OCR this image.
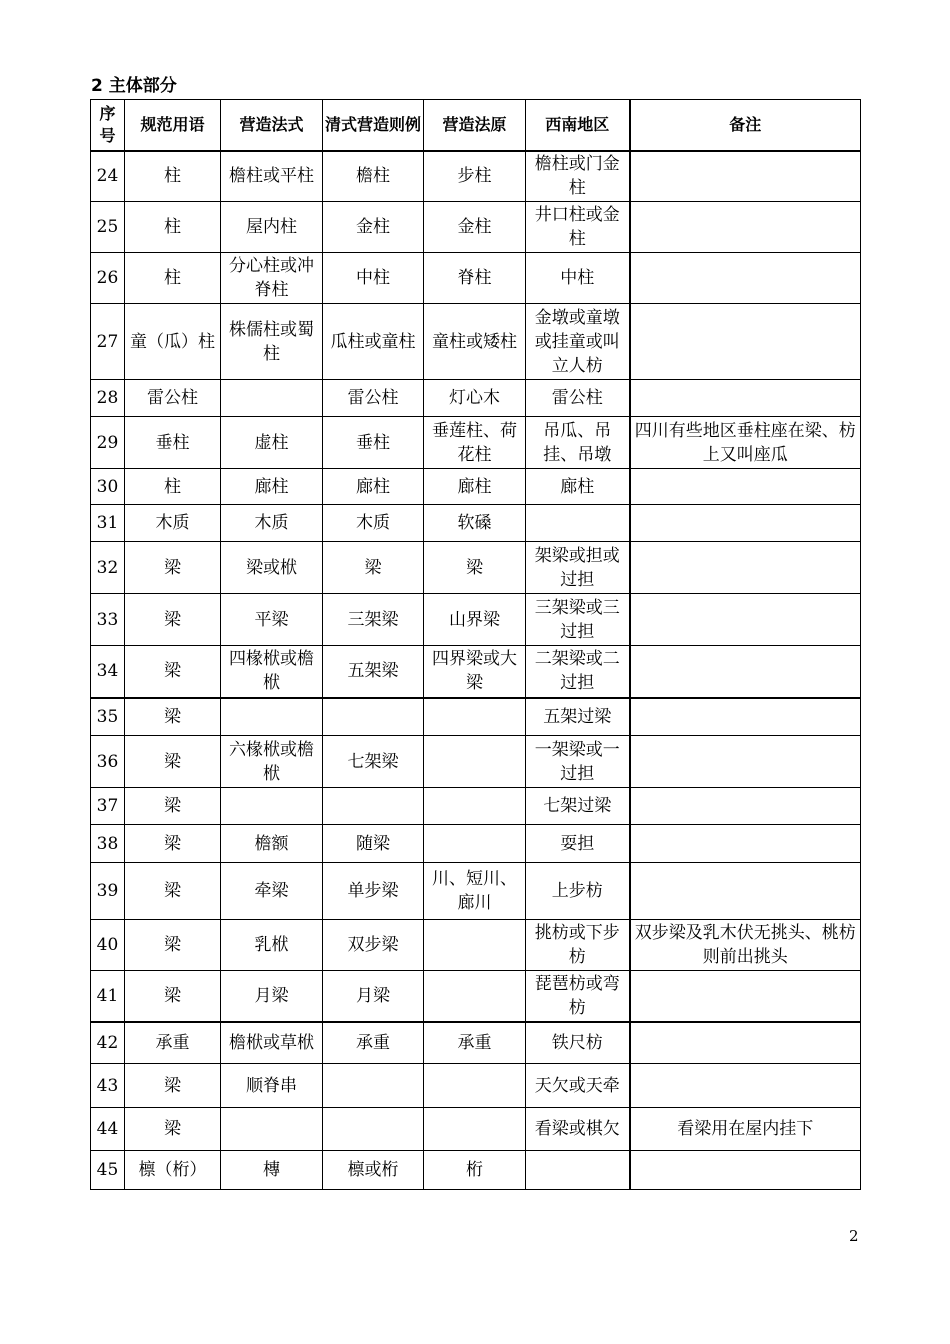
2 主体部分
序号	规范用语	营造法式	清式营造则例	营造法原	西南地区	备注
24	柱	檐柱或平柱	檐柱	步柱	檐柱或门金柱	
25	柱	屋内柱	金柱	金柱	井口柱或金柱	
26	柱	分心柱或冲脊柱	中柱	脊柱	中柱	
27	童（瓜）柱	株儒柱或蜀柱	瓜柱或童柱	童柱或矮柱	金墩或童墩或挂童或叫立人枋	
28	雷公柱		雷公柱	灯心木	雷公柱	
29	垂柱	虚柱	垂柱	垂莲柱、荷花柱	吊瓜、吊挂、吊墩	四川有些地区垂柱座在梁、枋上又叫座瓜
30	柱	廊柱	廊柱	廊柱	廊柱	
31	木质	木质	木质	软磉		
32	梁	梁或栿	梁	梁	架梁或担或过担	
33	梁	平梁	三架梁	山界梁	三架梁或三过担	
34	梁	四椽栿或檐栿	五架梁	四界梁或大梁	二架梁或二过担	
35	梁				五架过梁	
36	梁	六椽栿或檐栿	七架梁		一架梁或一过担	
37	梁				七架过梁	
38	梁	檐额	随梁		耍担	
39	梁	牵梁	单步梁	川、短川、廊川	上步枋	
40	梁	乳栿	双步梁		挑枋或下步枋	双步梁及乳木伏无挑头、桃枋则前出挑头
41	梁	月梁	月梁		琵琶枋或弯枋	
42	承重	檐栿或草栿	承重	承重	铁尺枋	
43	梁	顺脊串			天欠或天牵	
44	梁				看梁或棋欠	看梁用在屋内挂下
45	檩（桁）	槫	檩或桁	桁		
2
